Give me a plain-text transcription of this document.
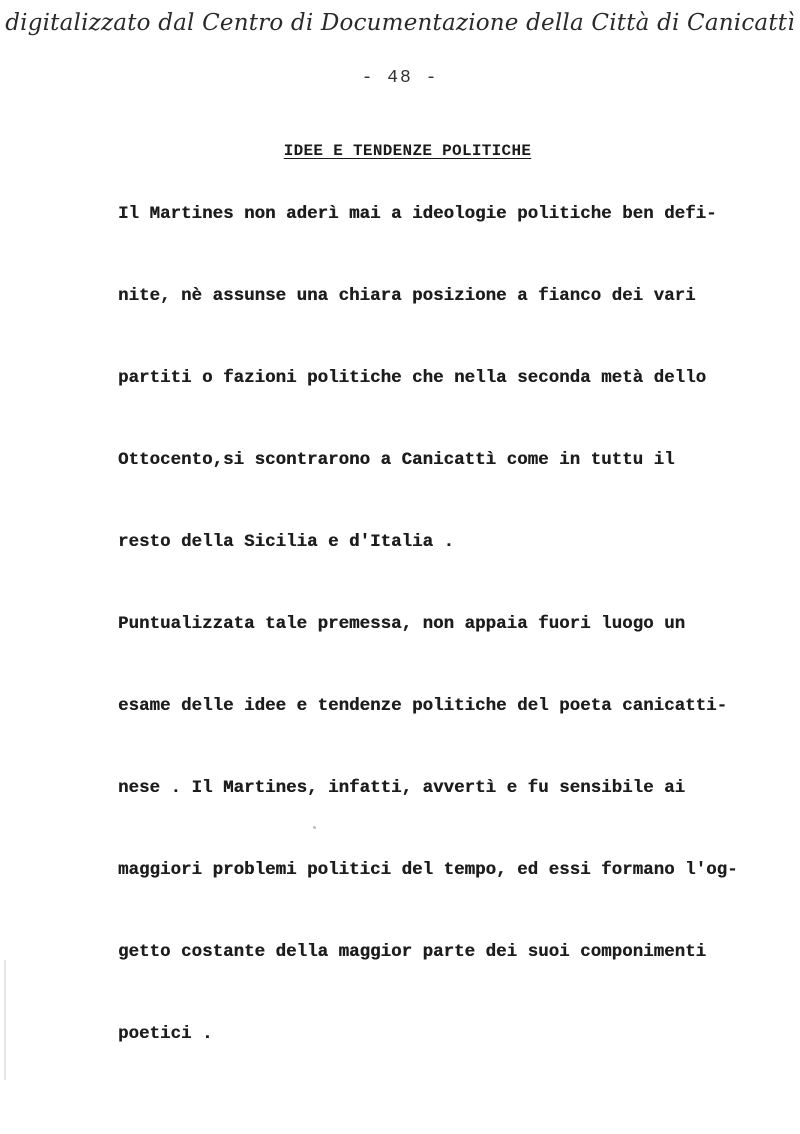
digitalizzato dal Centro di Documentazione della Città di Canicattì
- 48 -
IDEE E TENDENZE POLITICHE
Il Martines non aderì mai a ideologie politiche ben defi-
nite, nè assunse una chiara posizione a fianco dei vari
partiti o fazioni politiche che nella seconda metà dello
Ottocento,si scontrarono a Canicattì come in tuttu il
resto della Sicilia e d'Italia .
Puntualizzata tale premessa, non appaia fuori luogo un
esame delle idee e tendenze politiche del poeta canicatti-
nese . Il Martines, infatti, avvertì e fu sensibile ai
maggiori problemi politici del tempo, ed essi formano l'og-
getto costante della maggior parte dei suoi componimenti
poetici .
